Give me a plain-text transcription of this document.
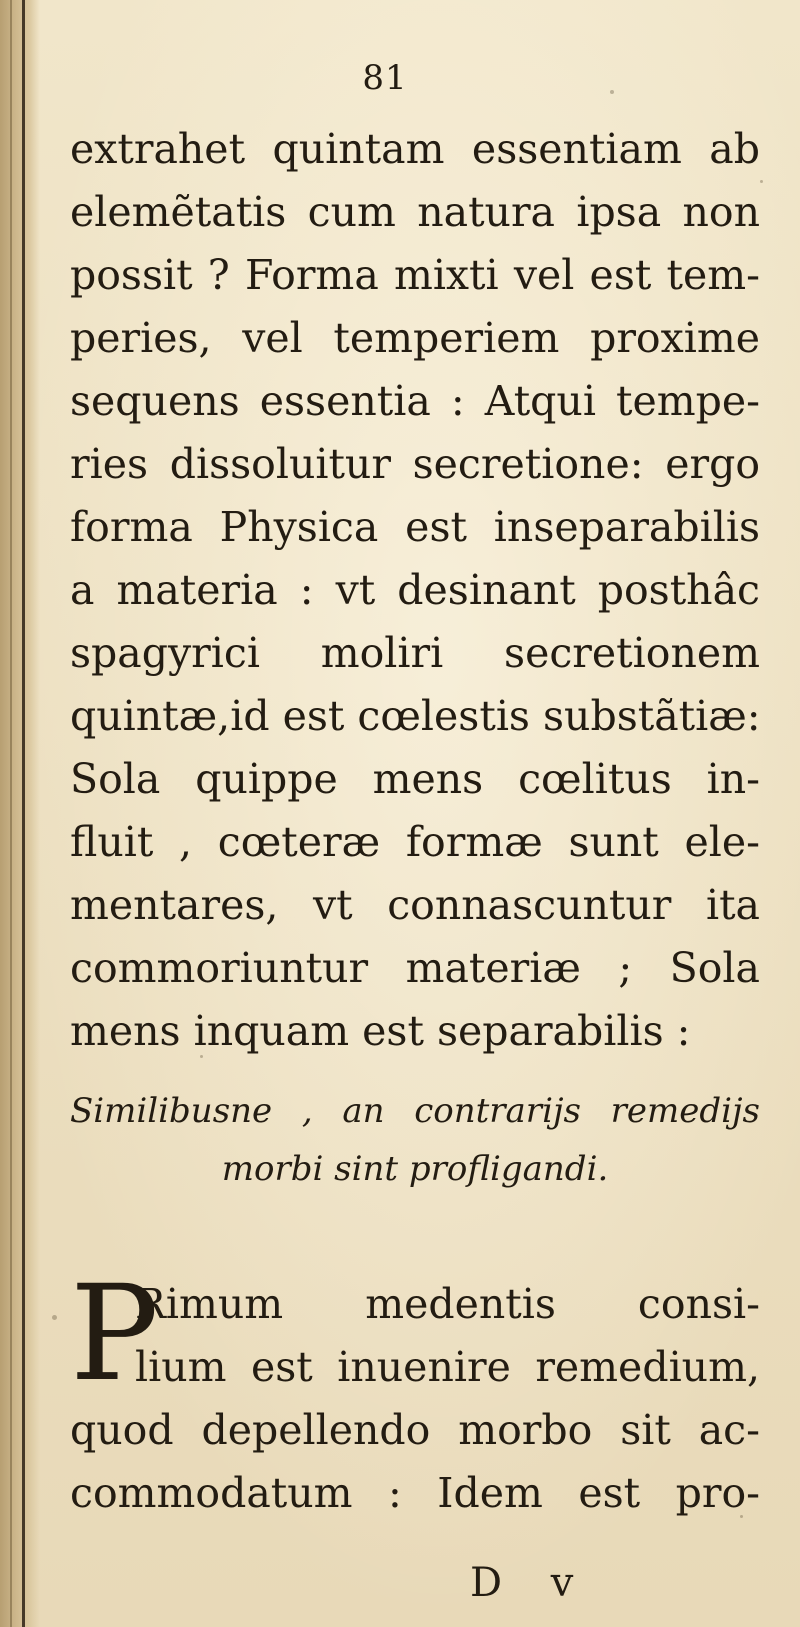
81
extrahet quintam essentiam ab
elemẽtatis cum natura ipsa non
possit ? Forma mixti vel est tem-
peries, vel temperiem proxime
sequens essentia : Atqui tempe-
ries dissoluitur secretione: ergo
forma Physica est inseparabilis
a materia : vt desinant posthâc
spagyrici moliri secretionem
quintæ,id est cœlestis substãtiæ:
Sola quippe mens cœlitus in-
fluit , cœteræ formæ sunt ele-
mentares, vt connascuntur ita
commoriuntur materiæ ; Sola
mens inquam est separabilis :
Similibusne , an contrarijs remedijs
morbi sint profligandi.
P
Rimum medentis consi-
lium est inuenire remedium,
quod depellendo morbo sit ac-
commodatum : Idem est pro-
D v
